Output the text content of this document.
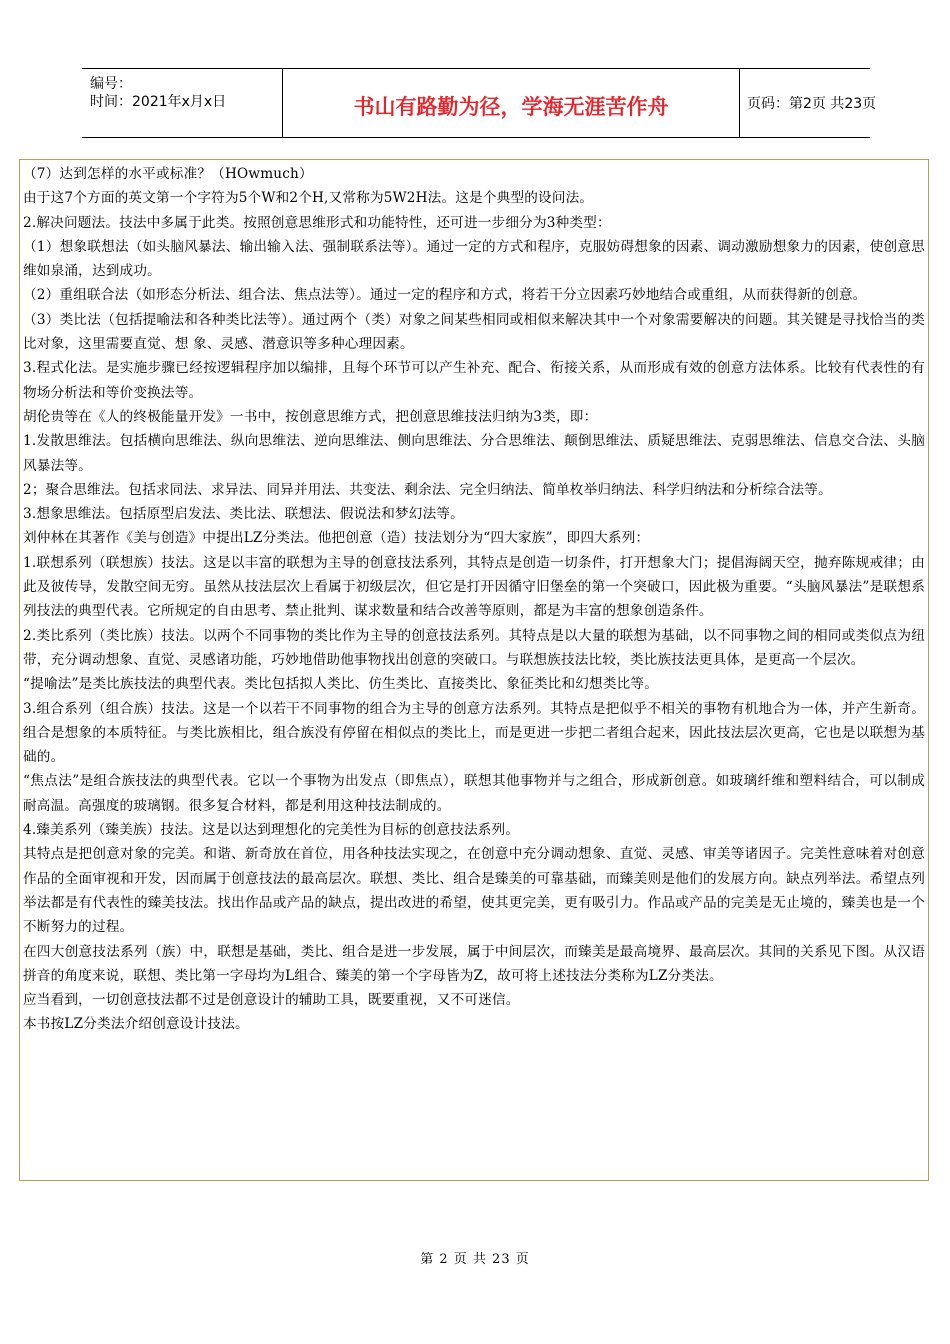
编号：
时间：2021年x月x日	书山有路勤为径，学海无涯苦作舟	页码：第2页 共23页

（7）达到怎样的水平或标准？（HOwmuch）

由于这7个方面的英文第一个字符为5个W和2个H,又常称为5W2H法。这是个典型的设问法。

2.解决问题法。技法中多属于此类。按照创意思维形式和功能特性，还可进一步细分为3种类型：

（1）想象联想法（如头脑风暴法、输出输入法、强制联系法等）。通过一定的方式和程序，克服妨碍想象的因素、调动激励想象力的因素，使创意思维如泉涌，达到成功。

（2）重组联合法（如形态分析法、组合法、焦点法等）。通过一定的程序和方式，将若干分立因素巧妙地结合或重组，从而获得新的创意。

（3）类比法（包括提喻法和各种类比法等）。通过两个（类）对象之间某些相同或相似来解决其中一个对象需要解决的问题。其关键是寻找恰当的类比对象，这里需要直觉、想 象、灵感、潜意识等多种心理因素。

3.程式化法。是实施步骤已经按逻辑程序加以编排，且每个环节可以产生补充、配合、衔接关系，从而形成有效的创意方法体系。比较有代表性的有物场分析法和等价变换法等。

胡伦贵等在《人的终极能量开发》一书中，按创意思维方式，把创意思维技法归纳为3类，即：

1.发散思维法。包括横向思维法、纵向思维法、逆向思维法、侧向思维法、分合思维法、颠倒思维法、质疑思维法、克弱思维法、信息交合法、头脑风暴法等。

2；聚合思维法。包括求同法、求异法、同异并用法、共变法、剩余法、完全归纳法、简单枚举归纳法、科学归纳法和分析综合法等。

3.想象思维法。包括原型启发法、类比法、联想法、假说法和梦幻法等。

刘仲林在其著作《美与创造》中提出LZ分类法。他把创意（造）技法划分为“四大家族”，即四大系列：

1.联想系列（联想族）技法。这是以丰富的联想为主导的创意技法系列，其特点是创造一切条件，打开想象大门；提倡海阔天空，抛弃陈规戒律；由此及彼传导，发散空间无穷。虽然从技法层次上看属于初级层次，但它是打开因循守旧堡垒的第一个突破口，因此极为重要。“头脑风暴法”是联想系列技法的典型代表。它所规定的自由思考、禁止批判、谋求数量和结合改善等原则，都是为丰富的想象创造条件。

2.类比系列（类比族）技法。以两个不同事物的类比作为主导的创意技法系列。其特点是以大量的联想为基础，以不同事物之间的相同或类似点为纽带，充分调动想象、直觉、灵感诸功能，巧妙地借助他事物找出创意的突破口。与联想族技法比较，类比族技法更具体，是更高一个层次。

“提喻法”是类比族技法的典型代表。类比包括拟人类比、仿生类比、直接类比、象征类比和幻想类比等。

3.组合系列（组合族）技法。这是一个以若干不同事物的组合为主导的创意方法系列。其特点是把似乎不相关的事物有机地合为一体，并产生新奇。组合是想象的本质特征。与类比族相比，组合族没有停留在相似点的类比上，而是更进一步把二者组合起来，因此技法层次更高，它也是以联想为基础的。

“焦点法”是组合族技法的典型代表。它以一个事物为出发点（即焦点），联想其他事物并与之组合，形成新创意。如玻璃纤维和塑料结合，可以制成耐高温。高强度的玻璃钢。很多复合材料，都是利用这种技法制成的。

4.臻美系列（臻美族）技法。这是以达到理想化的完美性为目标的创意技法系列。

其特点是把创意对象的完美。和谐、新奇放在首位，用各种技法实现之，在创意中充分调动想象、直觉、灵感、审美等诸因子。完美性意味着对创意作品的全面审视和开发，因而属于创意技法的最高层次。联想、类比、组合是臻美的可靠基础，而臻美则是他们的发展方向。缺点列举法。希望点列举法都是有代表性的臻美技法。找出作品或产品的缺点，提出改进的希望，使其更完美，更有吸引力。作品或产品的完美是无止境的，臻美也是一个不断努力的过程。

在四大创意技法系列（族）中，联想是基础，类比、组合是进一步发展，属于中间层次，而臻美是最高境界、最高层次。其间的关系见下图。从汉语拼音的角度来说，联想、类比第一字母均为L组合、臻美的第一个字母皆为Z，故可将上述技法分类称为LZ分类法。

应当看到，一切创意技法都不过是创意设计的辅助工具，既要重视，又不可迷信。

本书按LZ分类法介绍创意设计技法。

第 2 页 共 23 页
